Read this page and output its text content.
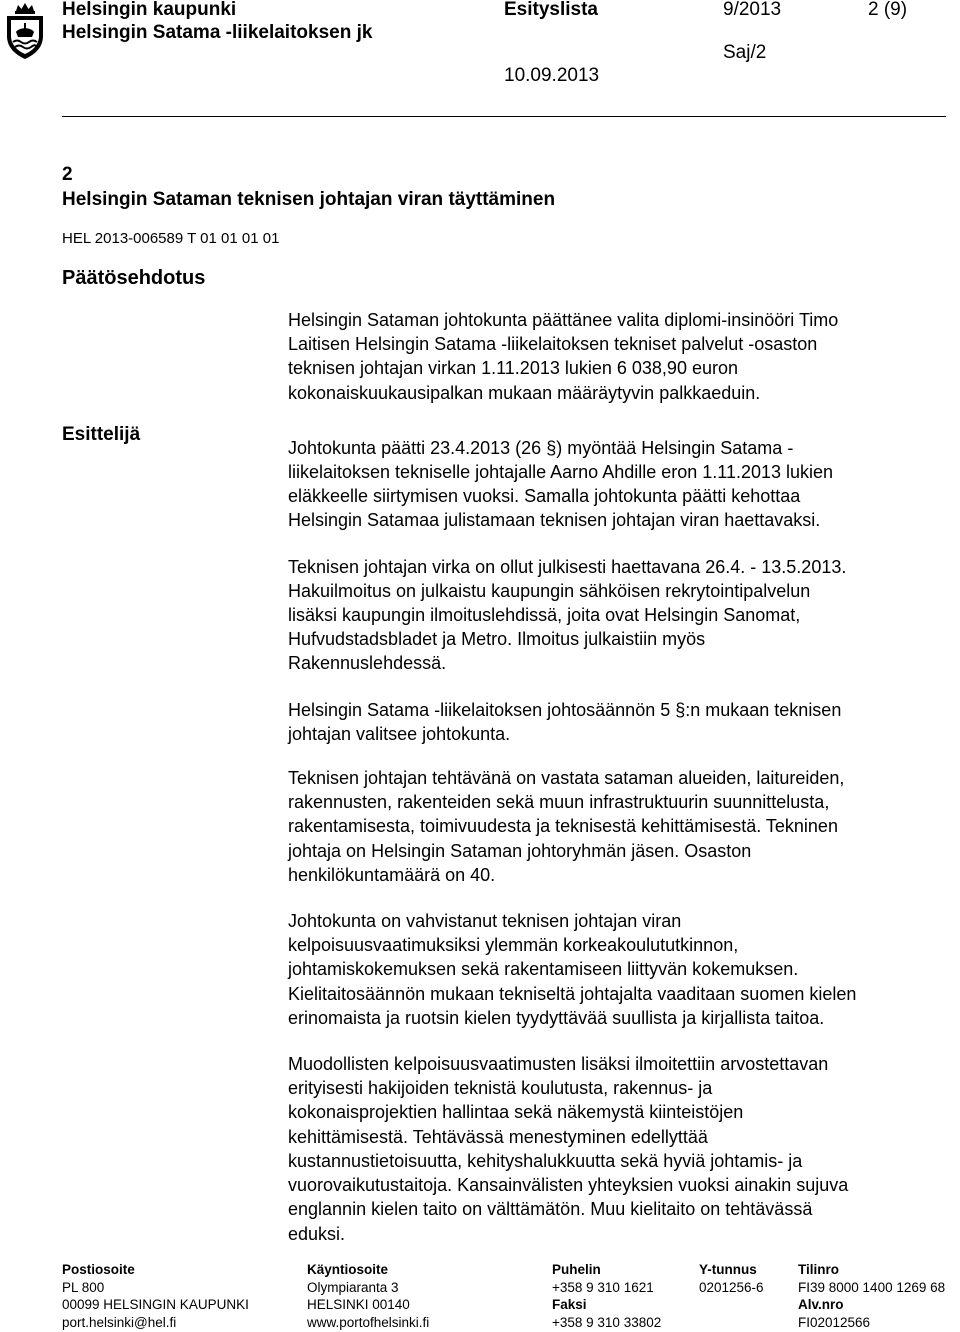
Helsingin kaupunki
Helsingin Satama -liikelaitoksen jk
Esityslista	9/2013	2 (9)
Saj/2
10.09.2013
2
Helsingin Sataman teknisen johtajan viran täyttäminen
HEL 2013-006589 T 01 01 01 01
Päätösehdotus
Esittelijä

Helsingin Sataman johtokunta päättänee valita diplomi-insinööri Timo
Laitisen Helsingin Satama -liikelaitoksen tekniset palvelut -osaston
teknisen johtajan virkan 1.11.2013 lukien 6 038,90 euron
kokonaiskuukausipalkan mukaan määräytyvin palkkaeduin.

Johtokunta päätti 23.4.2013 (26 §) myöntää Helsingin Satama -
liikelaitoksen tekniselle johtajalle Aarno Ahdille eron 1.11.2013 lukien
eläkkeelle siirtymisen vuoksi. Samalla johtokunta päätti kehottaa
Helsingin Satamaa julistamaan teknisen johtajan viran haettavaksi.

Teknisen johtajan virka on ollut julkisesti haettavana 26.4. - 13.5.2013.
Hakuilmoitus on julkaistu kaupungin sähköisen rekrytointipalvelun
lisäksi kaupungin ilmoituslehdissä, joita ovat Helsingin Sanomat,
Hufvudstadsbladet ja Metro. Ilmoitus julkaistiin myös
Rakennuslehdessä.

Helsingin Satama -liikelaitoksen johtosäännön 5 §:n mukaan teknisen
johtajan valitsee johtokunta.

Teknisen johtajan tehtävänä on vastata sataman alueiden, laitureiden,
rakennusten, rakenteiden sekä muun infrastruktuurin suunnittelusta,
rakentamisesta, toimivuudesta ja teknisestä kehittämisestä. Tekninen
johtaja on Helsingin Sataman johtoryhmän jäsen. Osaston
henkilökuntamäärä on 40.

Johtokunta on vahvistanut teknisen johtajan viran
kelpoisuusvaatimuksiksi ylemmän korkeakoulututkinnon,
johtamiskokemuksen sekä rakentamiseen liittyvän kokemuksen.
Kielitaitosäännön mukaan tekniseltä johtajalta vaaditaan suomen kielen
erinomaista ja ruotsin kielen tyydyttävää suullista ja kirjallista taitoa.

Muodollisten kelpoisuusvaatimusten lisäksi ilmoitettiin arvostettavan
erityisesti hakijoiden teknistä koulutusta, rakennus- ja
kokonaisprojektien hallintaa sekä näkemystä kiinteistöjen
kehittämisestä. Tehtävässä menestyminen edellyttää
kustannustietoisuutta, kehityshalukkuutta sekä hyviä johtamis- ja
vuorovaikutustaitoja. Kansainvälisten yhteyksien vuoksi ainakin sujuva
englannin kielen taito on välttämätön. Muu kielitaito on tehtävässä
eduksi.

Postiosoite
PL 800
00099 HELSINGIN KAUPUNKI
port.helsinki@hel.fi
Käyntiosoite
Olympiaranta 3
HELSINKI 00140
www.portofhelsinki.fi
Puhelin
+358 9 310 1621
Faksi
+358 9 310 33802
Y-tunnus
0201256-6
Tilinro
FI39 8000 1400 1269 68
Alv.nro
FI02012566
